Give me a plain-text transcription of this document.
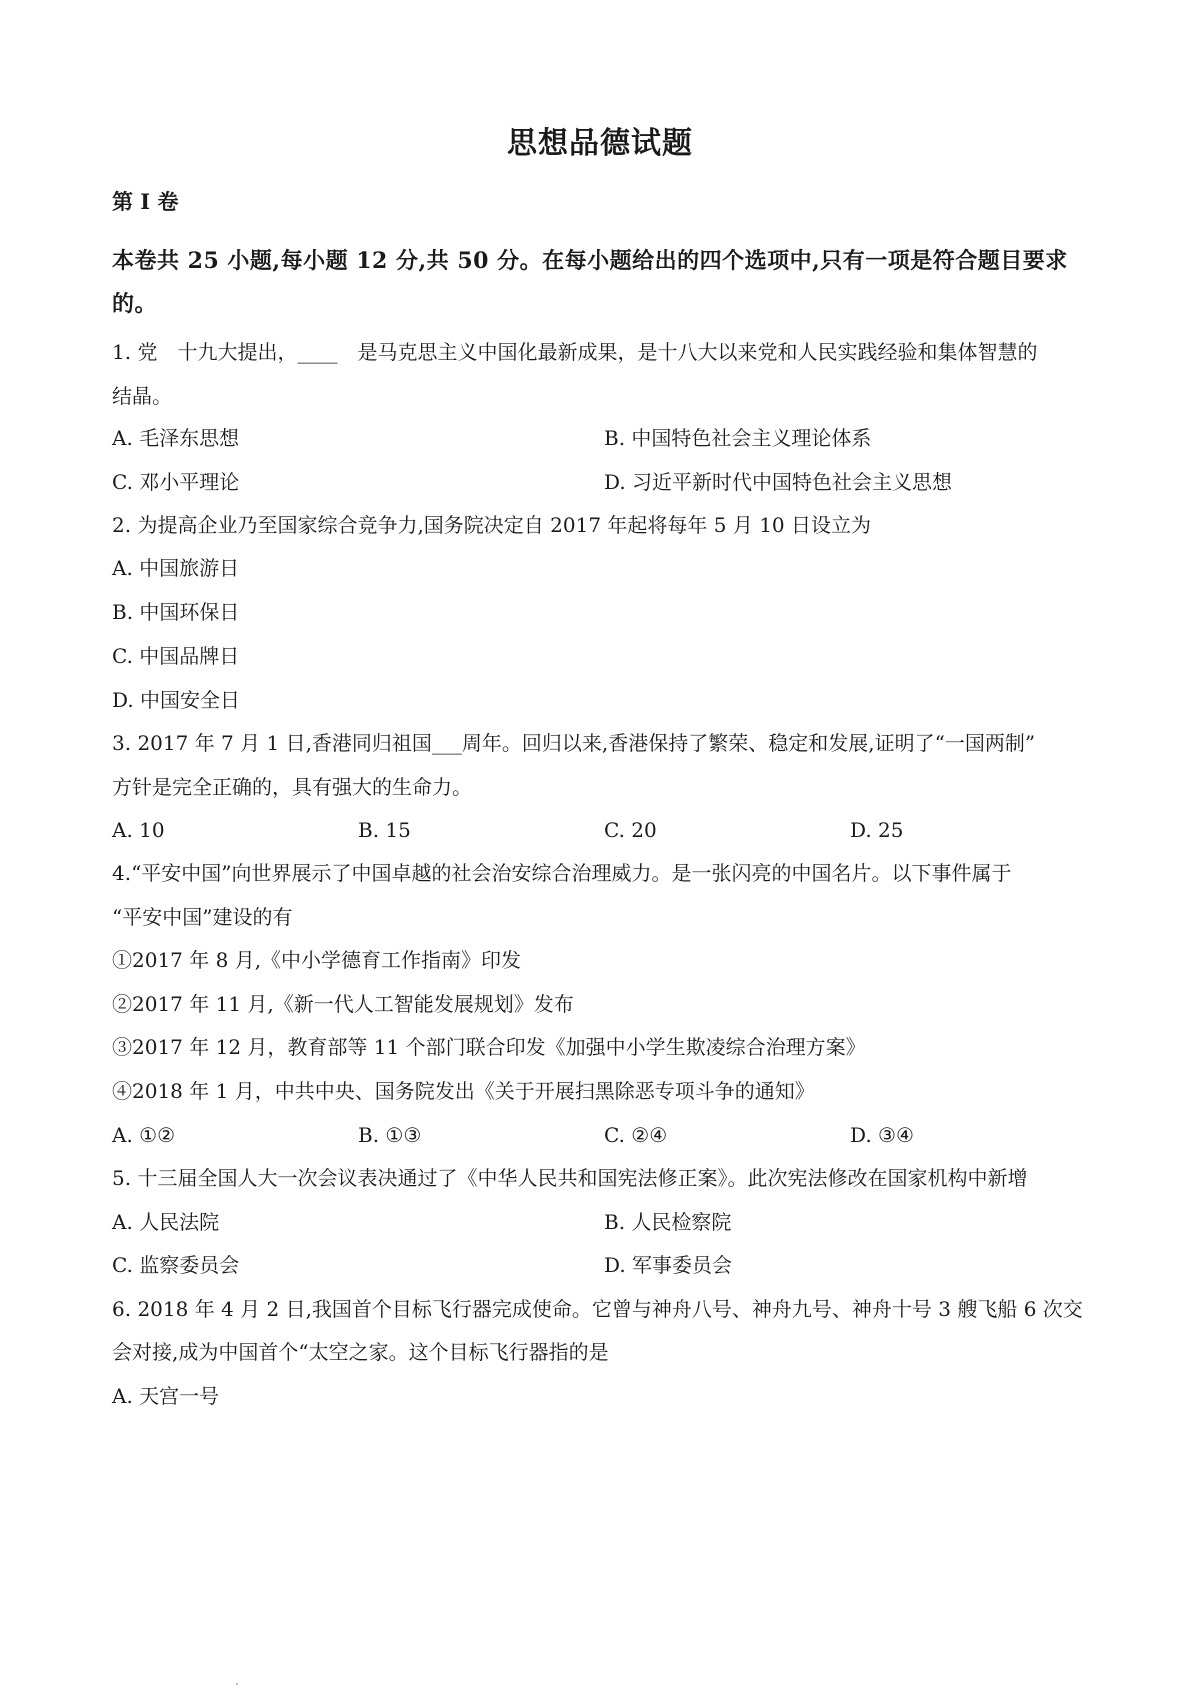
思想品德试题
第 I 卷
本卷共 25 小题,每小题 12 分,共 50 分。在每小题给出的四个选项中,只有一项是符合题目要求
的。
1. 党　十九大提出，____　是马克思主义中国化最新成果，是十八大以来党和人民实践经验和集体智慧的
结晶。
A. 毛泽东思想	B. 中国特色社会主义理论体系
C. 邓小平理论	D. 习近平新时代中国特色社会主义思想
2. 为提高企业乃至国家综合竞争力,国务院决定自 2017 年起将每年 5 月 10 日设立为
A. 中国旅游日
B. 中国环保日
C. 中国品牌日
D. 中国安全日
3. 2017 年 7 月 1 日,香港同归祖国___周年。回归以来,香港保持了繁荣、稳定和发展,证明了“一国两制”
方针是完全正确的，具有强大的生命力。
A. 10	B. 15	C. 20	D. 25
4.“平安中国”向世界展示了中国卓越的社会治安综合治理威力。是一张闪亮的中国名片。以下事件属于
“平安中国”建设的有
①2017 年 8 月,《中小学德育工作指南》印发
②2017 年 11 月,《新一代人工智能发展规划》发布
③2017 年 12 月，教育部等 11 个部门联合印发《加强中小学生欺凌综合治理方案》
④2018 年 1 月，中共中央、国务院发出《关于开展扫黑除恶专项斗争的通知》
A. ①②	B. ①③	C. ②④	D. ③④
5. 十三届全国人大一次会议表决通过了《中华人民共和国宪法修正案》。此次宪法修改在国家机构中新增
A. 人民法院	B. 人民检察院
C. 监察委员会	D. 军事委员会
6. 2018 年 4 月 2 日,我国首个目标飞行器完成使命。它曾与神舟八号、神舟九号、神舟十号 3 艘飞船 6 次交
会对接,成为中国首个“太空之家。这个目标飞行器指的是
A. 天宫一号
